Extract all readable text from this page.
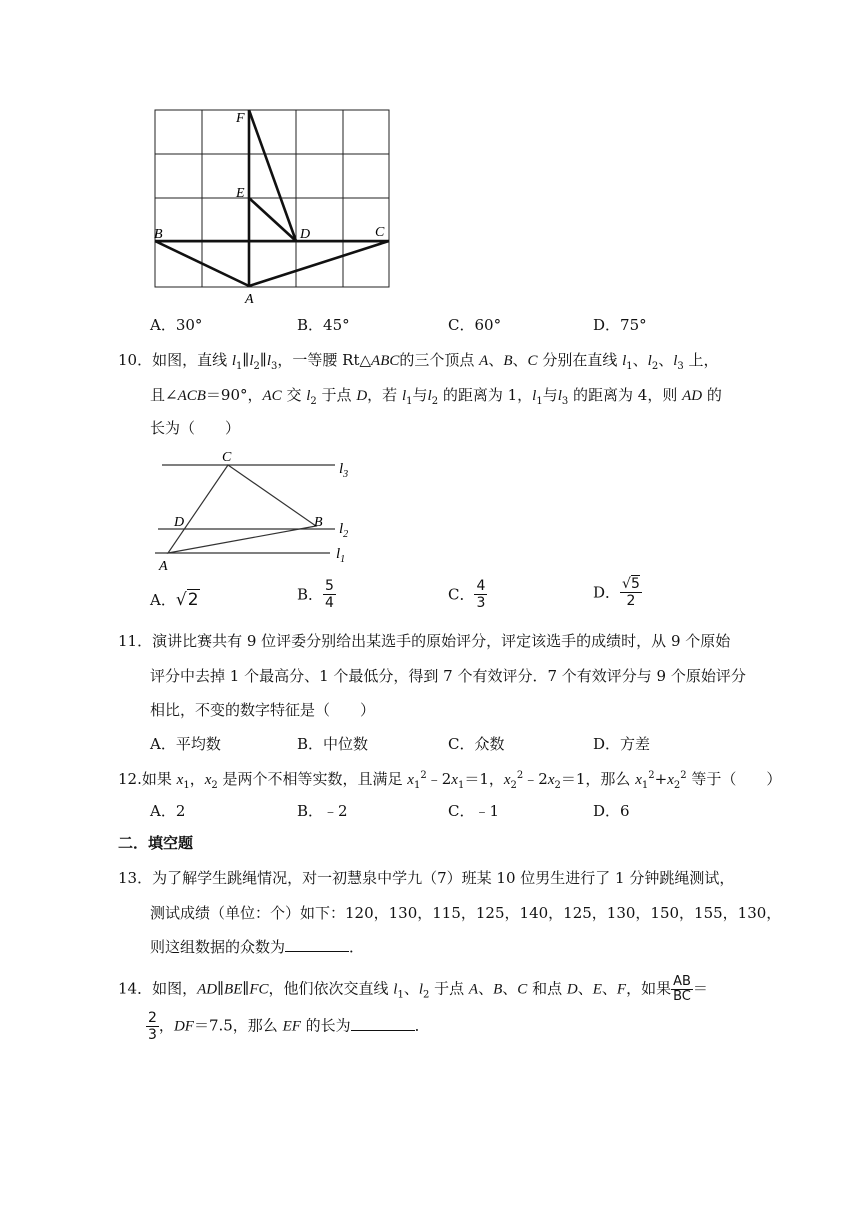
F
E
B	D	C
A
A．30°	B．45°	C．60°	D．75°
10．如图，直线 $l_1\parallel l_2\parallel l_3$，一等腰 Rt△ABC的三个顶点 A、B、C 分别在直线 $l_1$、$l_2$、$l_3$ 上，
且∠ACB＝90°，AC 交 $l_2$ 于点 D，若 $l_1$与$l_2$ 的距离为 1，$l_1$与$l_3$ 的距离为 4，则 AD 的
长为（　　）
C
D	B
A
$l_3$
$l_2$
$l_1$
A．√2	B． $\frac{5}{4}$	C． $\frac{4}{3}$	D． $\frac{√5}{2}$
11．演讲比赛共有 9 位评委分别给出某选手的原始评分，评定该选手的成绩时，从 9 个原始
评分中去掉 1 个最高分、1 个最低分，得到 7 个有效评分．7 个有效评分与 9 个原始评分
相比，不变的数字特征是（　　）
A．平均数	B．中位数	C．众数	D．方差
12.如果 $x_1$，$x_2$ 是两个不相等实数，且满足 $x_1^2﹣2x_1=1$，$x_2^2﹣2x_2=1$，那么 $x_1^2+x_2^2$ 等于（　　）
A．2	B．﹣2	C．﹣1	D．6
二．填空题
13．为了解学生跳绳情况，对一初慧泉中学九（7）班某 10 位男生进行了 1 分钟跳绳测试，
测试成绩（单位：个）如下：120，130，115，125，140，125，130，150，155，130，
则这组数据的众数为	．
14．如图，AD∥BE∥FC，他们依次交直线 $l_1$、$l_2$ 于点 A、B、C 和点 D、E、F，如果 $\frac{AB}{BC}$ ＝
$\frac{2}{3}$ ，DF＝7.5，那么 EF 的长为	．
